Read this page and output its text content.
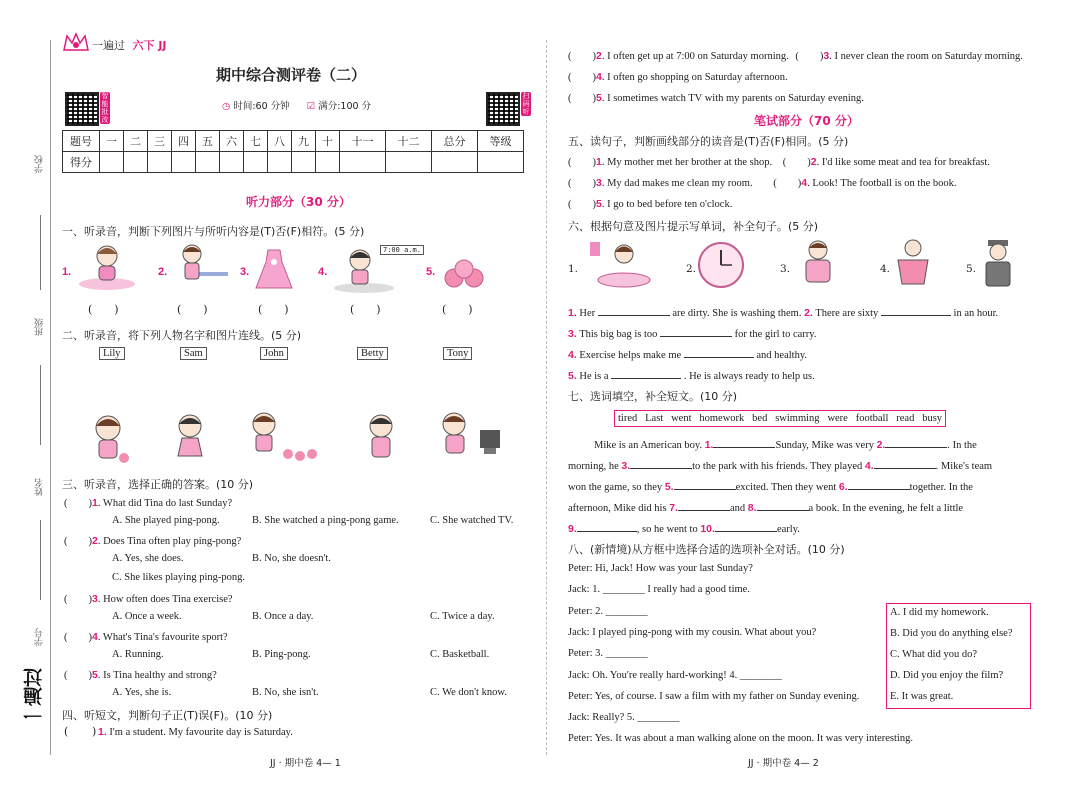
学校
班级
姓名
学号
一遍过
一遍过 六下 JJ
期中综合测评卷（二）
智能批改
扫码听
◷ 时间:60 分钟 ☑ 满分:100 分
题号	一	二	三	四	五	六	七	八	九	十	十一	十二	总分	等级
得分														
听力部分（30 分）
一、听录音，判断下列图片与所听内容是(T)否(F)相符。(5 分)
1.	2.	3.	4.	5.
7:00 a.m.
(　　)	(　　)	(　　)	(　　)	(　　)
二、听录音，将下列人物名字和图片连线。(5 分)
Lily	Sam	John	Betty	Tony
三、听录音，选择正确的答案。(10 分)
(　　)1. What did Tina do last Sunday?
A. She played ping-pong.	B. She watched a ping-pong game.	C. She watched TV.
(　　)2. Does Tina often play ping-pong?
A. Yes, she does.	B. No, she doesn't.
C. She likes playing ping-pong.
(　　)3. How often does Tina exercise?
A. Once a week.	B. Once a day.	C. Twice a day.
(　　)4. What's Tina's favourite sport?
A. Running.	B. Ping-pong.	C. Basketball.
(　　)5. Is Tina healthy and strong?
A. Yes, she is.	B. No, she isn't.	C. We don't know.
四、听短文，判断句子正(T)误(F)。(10 分)
( ) 1. I'm a student. My favourite day is Saturday.
JJ · 期中卷 4— 1
(　　)2. I often get up at 7:00 on Saturday morning. (　　)3. I never clean the room on Saturday morning.
(　　)4. I often go shopping on Saturday afternoon.
(　　)5. I sometimes watch TV with my parents on Saturday evening.
笔试部分（70 分）
五、读句子，判断画线部分的读音是(T)否(F)相同。(5 分)
(　　)1. My mother met her brother at the shop. (　　)2. I'd like some meat and tea for breakfast.
(　　)3. My dad makes me clean my room. (　　)4. Look! The football is on the book.
(　　)5. I go to bed before ten o'clock.
六、根据句意及图片提示写单词，补全句子。(5 分)
1.	2.	3.	4.	5.
1. Her	are dirty. She is washing them. 2. There are sixty	in an hour.
3. This big bag is too	for the girl to carry.
4. Exercise helps make me	and healthy.
5. He is a	. He is always ready to help us.
七、选词填空，补全短文。(10 分)
tired Last went homework bed swimming were football read busy
Mike is an American boy. 1.	Sunday, Mike was very 2.	. In the
morning, he 3.	to the park with his friends. They played 4.	. Mike's team
won the game, so they 5.	excited. Then they went 6.	together. In the
afternoon, Mike did his 7.	and 8.	a book. In the evening, he felt a little
9.	, so he went to 10.	early.
八、(新情境)从方框中选择合适的选项补全对话。(10 分)
Peter: Hi, Jack! How was your last Sunday?
Jack: 1. ________ I really had a good time.
Peter: 2. ________
Jack: I played ping-pong with my cousin. What about you?
Peter: 3. ________
Jack: Oh. You're really hard-working! 4. ________
Peter: Yes, of course. I saw a film with my father on Sunday evening.
Jack: Really? 5. ________
Peter: Yes. It was about a man walking alone on the moon. It was very interesting.
A. I did my homework.
B. Did you do anything else?
C. What did you do?
D. Did you enjoy the film?
E. It was great.
JJ · 期中卷 4— 2
